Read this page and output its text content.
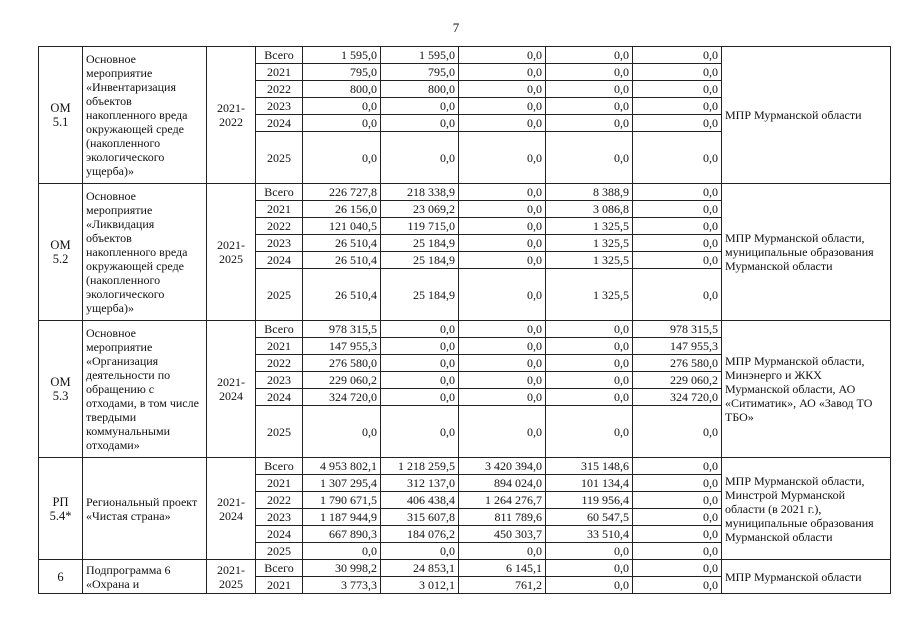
7
ОМ 5.1	Основное мероприятие «Инвентаризация объектов накопленного вреда окружающей среде (накопленного экологического ущерба)»	2021-2022	Всего	1 595,0	1 595,0	0,0	0,0	0,0	МПР Мурманской области
			2021	795,0	795,0	0,0	0,0	0,0	
			2022	800,0	800,0	0,0	0,0	0,0	
			2023	0,0	0,0	0,0	0,0	0,0	
			2024	0,0	0,0	0,0	0,0	0,0	
			2025	0,0	0,0	0,0	0,0	0,0	
ОМ 5.2	Основное мероприятие «Ликвидация объектов накопленного вреда окружающей среде (накопленного экологического ущерба)»	2021-2025	Всего	226 727,8	218 338,9	0,0	8 388,9	0,0	МПР Мурманской области, муниципальные образования Мурманской области
			2021	26 156,0	23 069,2	0,0	3 086,8	0,0	
			2022	121 040,5	119 715,0	0,0	1 325,5	0,0	
			2023	26 510,4	25 184,9	0,0	1 325,5	0,0	
			2024	26 510,4	25 184,9	0,0	1 325,5	0,0	
			2025	26 510,4	25 184,9	0,0	1 325,5	0,0	
ОМ 5.3	Основное мероприятие «Организация деятельности по обращению с отходами, в том числе твердыми коммунальными отходами»	2021-2024	Всего	978 315,5	0,0	0,0	0,0	978 315,5	МПР Мурманской области, Минэнерго и ЖКХ Мурманской области, АО «Ситиматик», АО «Завод ТО ТБО»
			2021	147 955,3	0,0	0,0	0,0	147 955,3	
			2022	276 580,0	0,0	0,0	0,0	276 580,0	
			2023	229 060,2	0,0	0,0	0,0	229 060,2	
			2024	324 720,0	0,0	0,0	0,0	324 720,0	
			2025	0,0	0,0	0,0	0,0	0,0	
РП 5.4*	Региональный проект «Чистая страна»	2021-2024	Всего	4 953 802,1	1 218 259,5	3 420 394,0	315 148,6	0,0	МПР Мурманской области, Минстрой Мурманской области (в 2021 г.), муниципальные образования Мурманской области
			2021	1 307 295,4	312 137,0	894 024,0	101 134,4	0,0	
			2022	1 790 671,5	406 438,4	1 264 276,7	119 956,4	0,0	
			2023	1 187 944,9	315 607,8	811 789,6	60 547,5	0,0	
			2024	667 890,3	184 076,2	450 303,7	33 510,4	0,0	
			2025	0,0	0,0	0,0	0,0	0,0	
6	Подпрограмма 6 «Охрана и	2021-2025	Всего	30 998,2	24 853,1	6 145,1	0,0	0,0	МПР Мурманской области
			2021	3 773,3	3 012,1	761,2	0,0	0,0	
